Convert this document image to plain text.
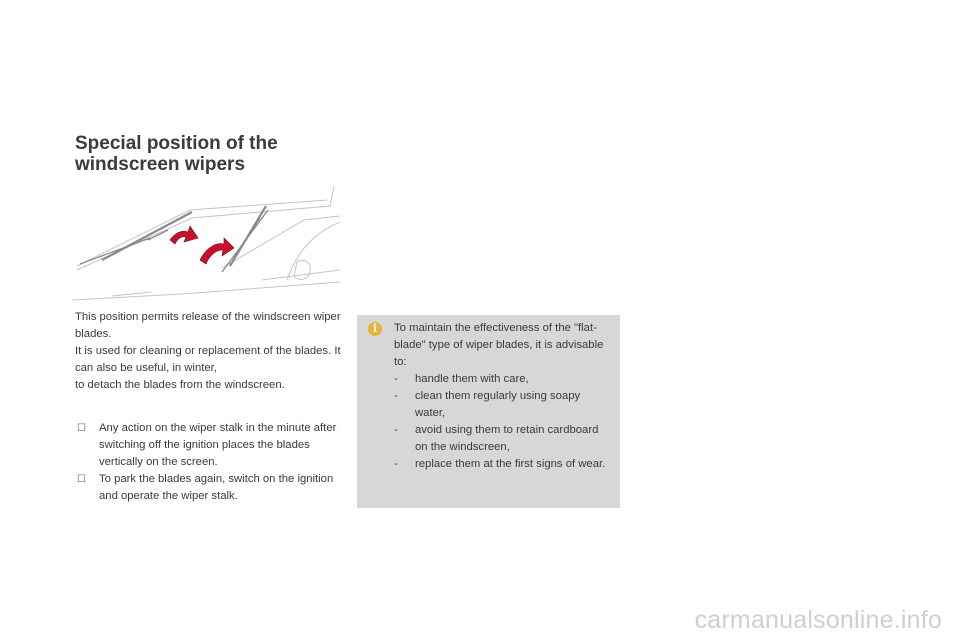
Special position of the windscreen wipers

This position permits release of the windscreen wiper blades.

It is used for cleaning or replacement of the blades. It can also be useful, in winter,

to detach the blades from the windscreen.

☐ Any action on the wiper stalk in the minute after switching off the ignition places the blades vertically on the screen.
☐ To park the blades again, switch on the ignition and operate the wiper stalk.
i	To maintain the effectiveness of the "flat-blade" type of wiper blades, it is advisable to:

- handle them with care,
- clean them regularly using soapy water,
- avoid using them to retain cardboard on the windscreen,
- replace them at the first signs of wear.
carmanualsonline.info
